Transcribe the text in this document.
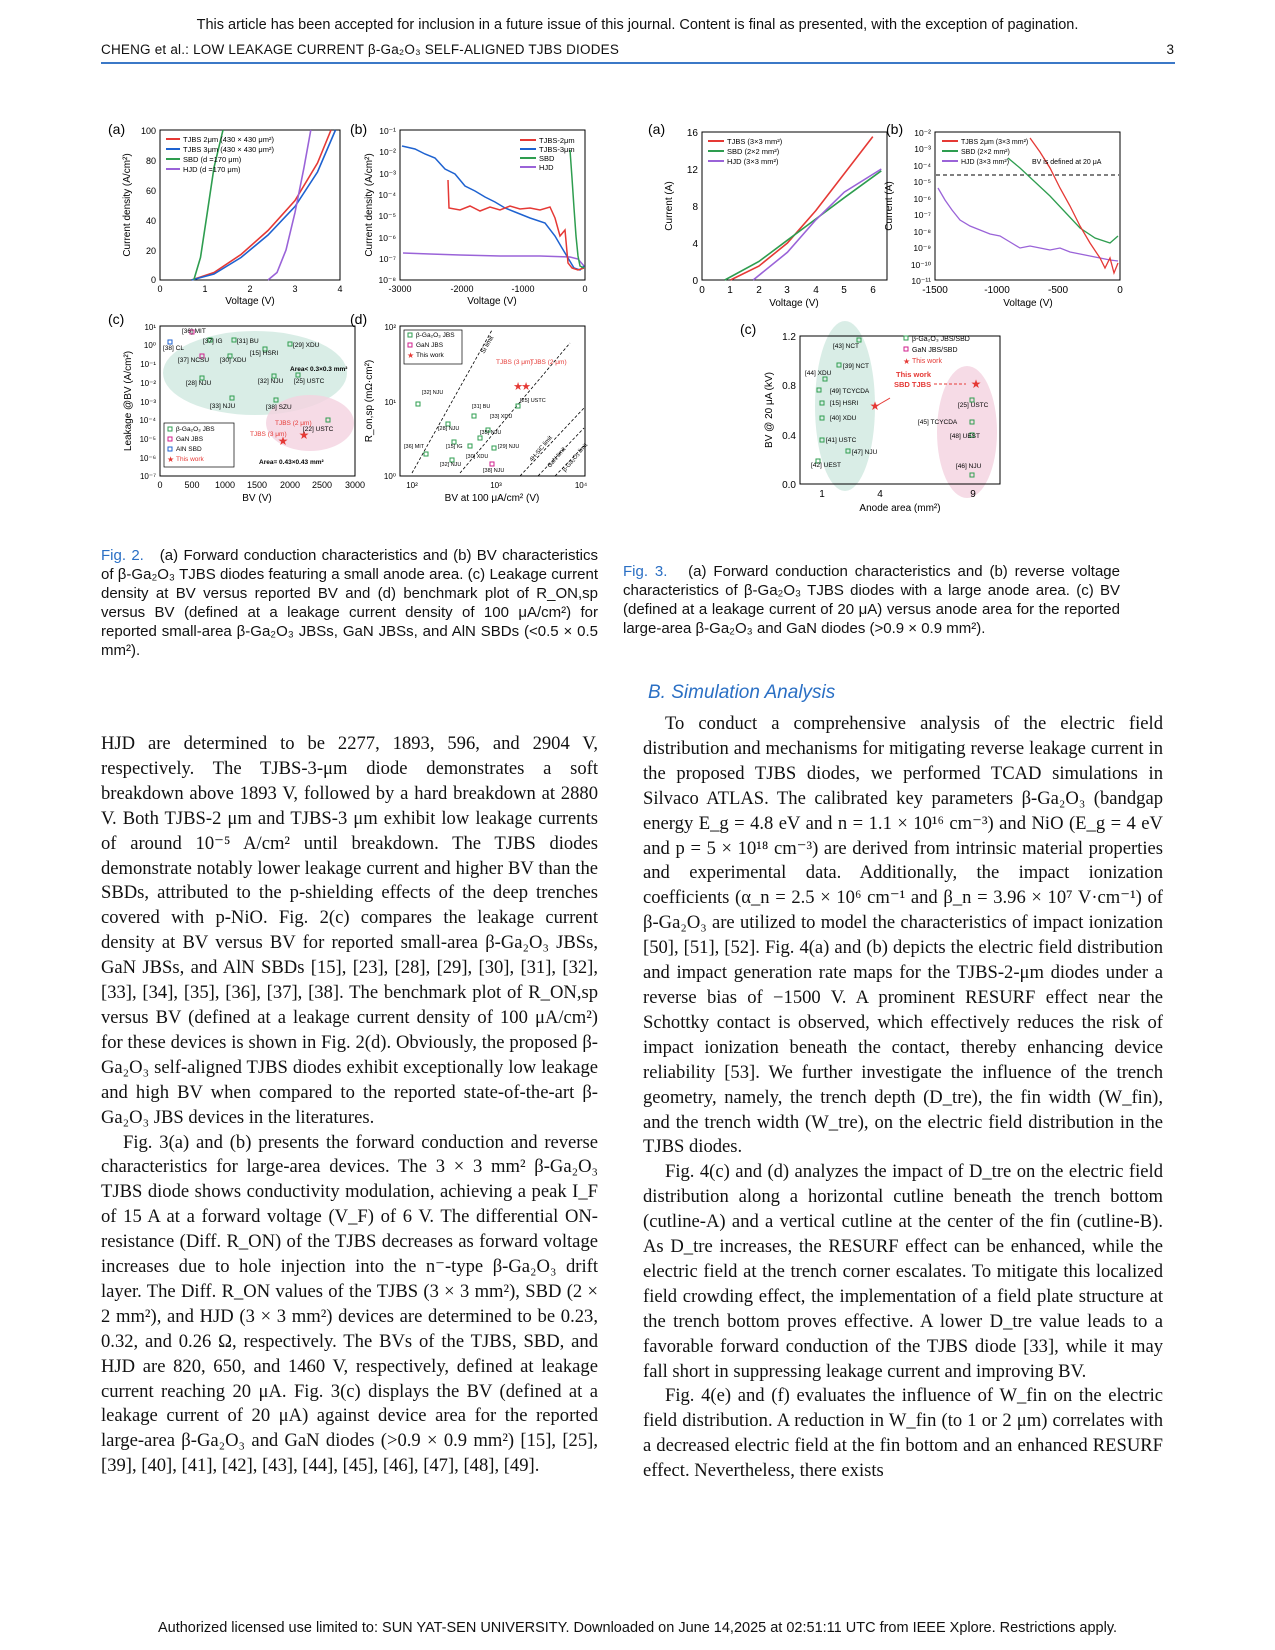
This article has been accepted for inclusion in a future issue of this journal. Content is final as presented, with the exception of pagination.
CHENG et al.: LOW LEAKAGE CURRENT β-Ga₂O₃ SELF-ALIGNED TJBS DIODES	3
(a) 100
80
60
40
20
0
0	1	2	3	4
Voltage (V)
Current density (A/cm²)
TJBS 2μm (430 × 430 μm²)
TJBS 3μm (430 × 430 μm²)
SBD (d =170 μm)
HJD (d =170 μm)
(b) 10⁻¹
10⁻²
10⁻³
10⁻⁴
10⁻⁵
10⁻⁶
10⁻⁷
10⁻⁸
-3000	-2000	-1000	0
Voltage (V)
Current density (A/cm²)
TJBS-2μm
TJBS-3μm
SBD
HJD
(c)
10¹
10⁰
10⁻¹
10⁻²
10⁻³
10⁻⁴
10⁻⁵
10⁻⁶
10⁻⁷
0 500 1000 1500 2000 2500 3000
BV (V)
Leakage @BV (A/cm²)	★
★
[36] MIT
[37] IG [31] BU
[38] CL
[15] HSRI
[29] XDU
[37] NCSU [30] XDU
[28] NJU	[32] NJU [25] USTC
[33] NJU	[38] SZU
[22] USTC
Area< 0.3×0.3 mm²
Area= 0.43×0.43 mm²
TJBS (2 μm)
TJBS (3 μm)
β-Ga₂O₃ JBS
GaN JBS
AlN SBD
★ This work
(d)
10²
10¹
10⁰
10²	10³	10⁴
BV at 100 μA/cm² (V)
R_on,sp (mΩ·cm²)
Si limit
4H-SiC limit
GaN limit
β-Ga₂O₃ limit
★
★
TJBS (3 μm)
TJBS (2 μm)
[32] NJU
[28] NJU
[31] BU
[33] XDU
[25] USTC
[35] NJU
[36] MIT	[15] IG	[29] NJU
[32] NJU
[30] XDU
[38] NJU
β-Ga₂O₃ JBS
GaN JBS
★ This work
Fig. 2. (a) Forward conduction characteristics and (b) BV characteristics of β-Ga₂O₃ TJBS diodes featuring a small anode area. (c) Leakage current density at BV versus reported BV and (d) benchmark plot of R_ON,sp versus BV (defined at a leakage current density of 100 μA/cm²) for reported small-area β-Ga₂O₃ JBSs, GaN JBSs, and AlN SBDs (<0.5 × 0.5 mm²).
(a) 16
12
8
4
0
0 1 2 3 4 5 6
Voltage (V)
Current (A)
TJBS (3×3 mm²)
SBD (2×2 mm²)
HJD (3×3 mm²)
(b) 10⁻²
10⁻³
10⁻⁴
10⁻⁵
10⁻⁶
10⁻⁷
10⁻⁸
10⁻⁹
10⁻¹⁰
10⁻¹¹
-1500	-1000	-500	0
Voltage (V)
Current (A)
TJBS 2μm (3×3 mm²)
SBD (2×2 mm²)
HJD (3×3 mm²)	BV is defined at 20 μA
(c)
1.2
0.8
0.4
0.0
1	4	9
Anode area (mm²)
BV @ 20 μA (kV)	★
★
This work
SBD TJBS
[43] NCT
[39] NCT
[44] XDU
[49] TCYCDA
[15] HSRI
[40] XDU
[41] USTC
[47] NJU
[42] UEST
[25] USTC
[45] TCYCDA
[48] UEST
[46] NJU
β-Ga₂O₃ JBS/SBD
GaN JBS/SBD
★ This work
Fig. 3. (a) Forward conduction characteristics and (b) reverse voltage characteristics of β-Ga₂O₃ TJBS diodes with a large anode area. (c) BV (defined at a leakage current of 20 μA) versus anode area for the reported large-area β-Ga₂O₃ and GaN diodes (>0.9 × 0.9 mm²).

HJD are determined to be 2277, 1893, 596, and 2904 V, respectively. The TJBS-3-μm diode demonstrates a soft breakdown above 1893 V, followed by a hard breakdown at 2880 V. Both TJBS-2 μm and TJBS-3 μm exhibit low leakage currents of around 10⁻⁵ A/cm² until breakdown. The TJBS diodes demonstrate notably lower leakage current and higher BV than the SBDs, attributed to the p-shielding effects of the deep trenches covered with p-NiO. Fig. 2(c) compares the leakage current density at BV versus BV for reported small-area β-Ga₂O₃ JBSs, GaN JBSs, and AlN SBDs [15], [23], [28], [29], [30], [31], [32], [33], [34], [35], [36], [37], [38]. The benchmark plot of R_ON,sp versus BV (defined at a leakage current density of 100 μA/cm²) for these devices is shown in Fig. 2(d). Obviously, the proposed β-Ga₂O₃ self-aligned TJBS diodes exhibit exceptionally low leakage and high BV when compared to the reported state-of-the-art β-Ga₂O₃ JBS devices in the literatures.

Fig. 3(a) and (b) presents the forward conduction and reverse characteristics for large-area devices. The 3 × 3 mm² β-Ga₂O₃ TJBS diode shows conductivity modulation, achieving a peak I_F of 15 A at a forward voltage (V_F) of 6 V. The differential ON-resistance (Diff. R_ON) of the TJBS decreases as forward voltage increases due to hole injection into the n⁻-type β-Ga₂O₃ drift layer. The Diff. R_ON values of the TJBS (3 × 3 mm²), SBD (2 × 2 mm²), and HJD (3 × 3 mm²) devices are determined to be 0.23, 0.32, and 0.26 Ω, respectively. The BVs of the TJBS, SBD, and HJD are 820, 650, and 1460 V, respectively, defined at leakage current reaching 20 μA. Fig. 3(c) displays the BV (defined at a leakage current of 20 μA) against device area for the reported large-area β-Ga₂O₃ and GaN diodes (>0.9 × 0.9 mm²) [15], [25], [39], [40], [41], [42], [43], [44], [45], [46], [47], [48], [49].

B. Simulation Analysis

To conduct a comprehensive analysis of the electric field distribution and mechanisms for mitigating reverse leakage current in the proposed TJBS diodes, we performed TCAD simulations in Silvaco ATLAS. The calibrated key parameters β-Ga₂O₃ (bandgap energy E_g = 4.8 eV and n = 1.1 × 10¹⁶ cm⁻³) and NiO (E_g = 4 eV and p = 5 × 10¹⁸ cm⁻³) are derived from intrinsic material properties and experimental data. Additionally, the impact ionization coefficients (α_n = 2.5 × 10⁶ cm⁻¹ and β_n = 3.96 × 10⁷ V·cm⁻¹) of β-Ga₂O₃ are utilized to model the characteristics of impact ionization [50], [51], [52]. Fig. 4(a) and (b) depicts the electric field distribution and impact generation rate maps for the TJBS-2-μm diodes under a reverse bias of −1500 V. A prominent RESURF effect near the Schottky contact is observed, which effectively reduces the risk of impact ionization beneath the contact, thereby enhancing device reliability [53]. We further investigate the influence of the trench geometry, namely, the trench depth (D_tre), the fin width (W_fin), and the trench width (W_tre), on the electric field distribution in the TJBS diodes.

Fig. 4(c) and (d) analyzes the impact of D_tre on the electric field distribution along a horizontal cutline beneath the trench bottom (cutline-A) and a vertical cutline at the center of the fin (cutline-B). As D_tre increases, the RESURF effect can be enhanced, while the electric field at the trench corner escalates. To mitigate this localized field crowding effect, the implementation of a field plate structure at the trench bottom proves effective. A lower D_tre value leads to a favorable forward conduction of the TJBS diode [33], while it may fall short in suppressing leakage current and improving BV.

Fig. 4(e) and (f) evaluates the influence of W_fin on the electric field distribution. A reduction in W_fin (to 1 or 2 μm) correlates with a decreased electric field at the fin bottom and an enhanced RESURF effect. Nevertheless, there exists

Authorized licensed use limited to: SUN YAT-SEN UNIVERSITY. Downloaded on June 14,2025 at 02:51:11 UTC from IEEE Xplore. Restrictions apply.
